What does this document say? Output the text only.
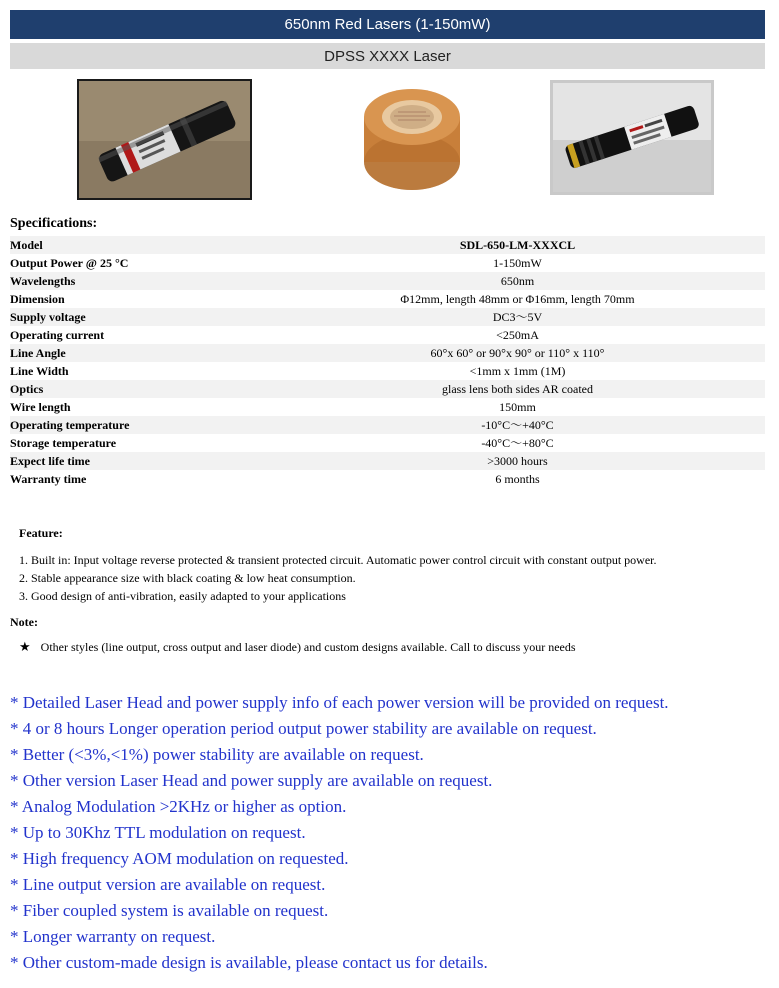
650nm Red Lasers (1-150mW)
DPSS XXXX Laser
Specifications:
Model	SDL-650-LM-XXXCL
Output Power @ 25 °C	1-150mW
Wavelengths	650nm
Dimension	Φ12mm, length 48mm or Φ16mm, length 70mm
Supply voltage	DC3～5V
Operating current	<250mA
Line Angle	60°x 60° or 90°x 90° or 110° x 110°
Line Width	<1mm x 1mm (1M)
Optics	glass lens both sides AR coated
Wire length	150mm
Operating temperature	-10°C～+40°C
Storage temperature	-40°C～+80°C
Expect life time	>3000 hours
Warranty time	6 months
Feature:
1. Built in: Input voltage reverse protected & transient protected circuit. Automatic power control circuit with constant output power.
2. Stable appearance size with black coating & low heat consumption.
3. Good design of anti-vibration, easily adapted to your applications
Note:
★ Other styles (line output, cross output and laser diode) and custom designs available. Call to discuss your needs
* Detailed Laser Head and power supply info of each power version will be provided on request.
* 4 or 8 hours Longer operation period output power stability are available on request.
* Better (<3%,<1%) power stability are available on request.
* Other version Laser Head and power supply are available on request.
* Analog Modulation >2KHz or higher as option.
* Up to 30Khz TTL modulation on request.
* High frequency AOM modulation on requested.
* Line output version are available on request.
* Fiber coupled system is available on request.
* Longer warranty on request.
* Other custom-made design is available, please contact us for details.
